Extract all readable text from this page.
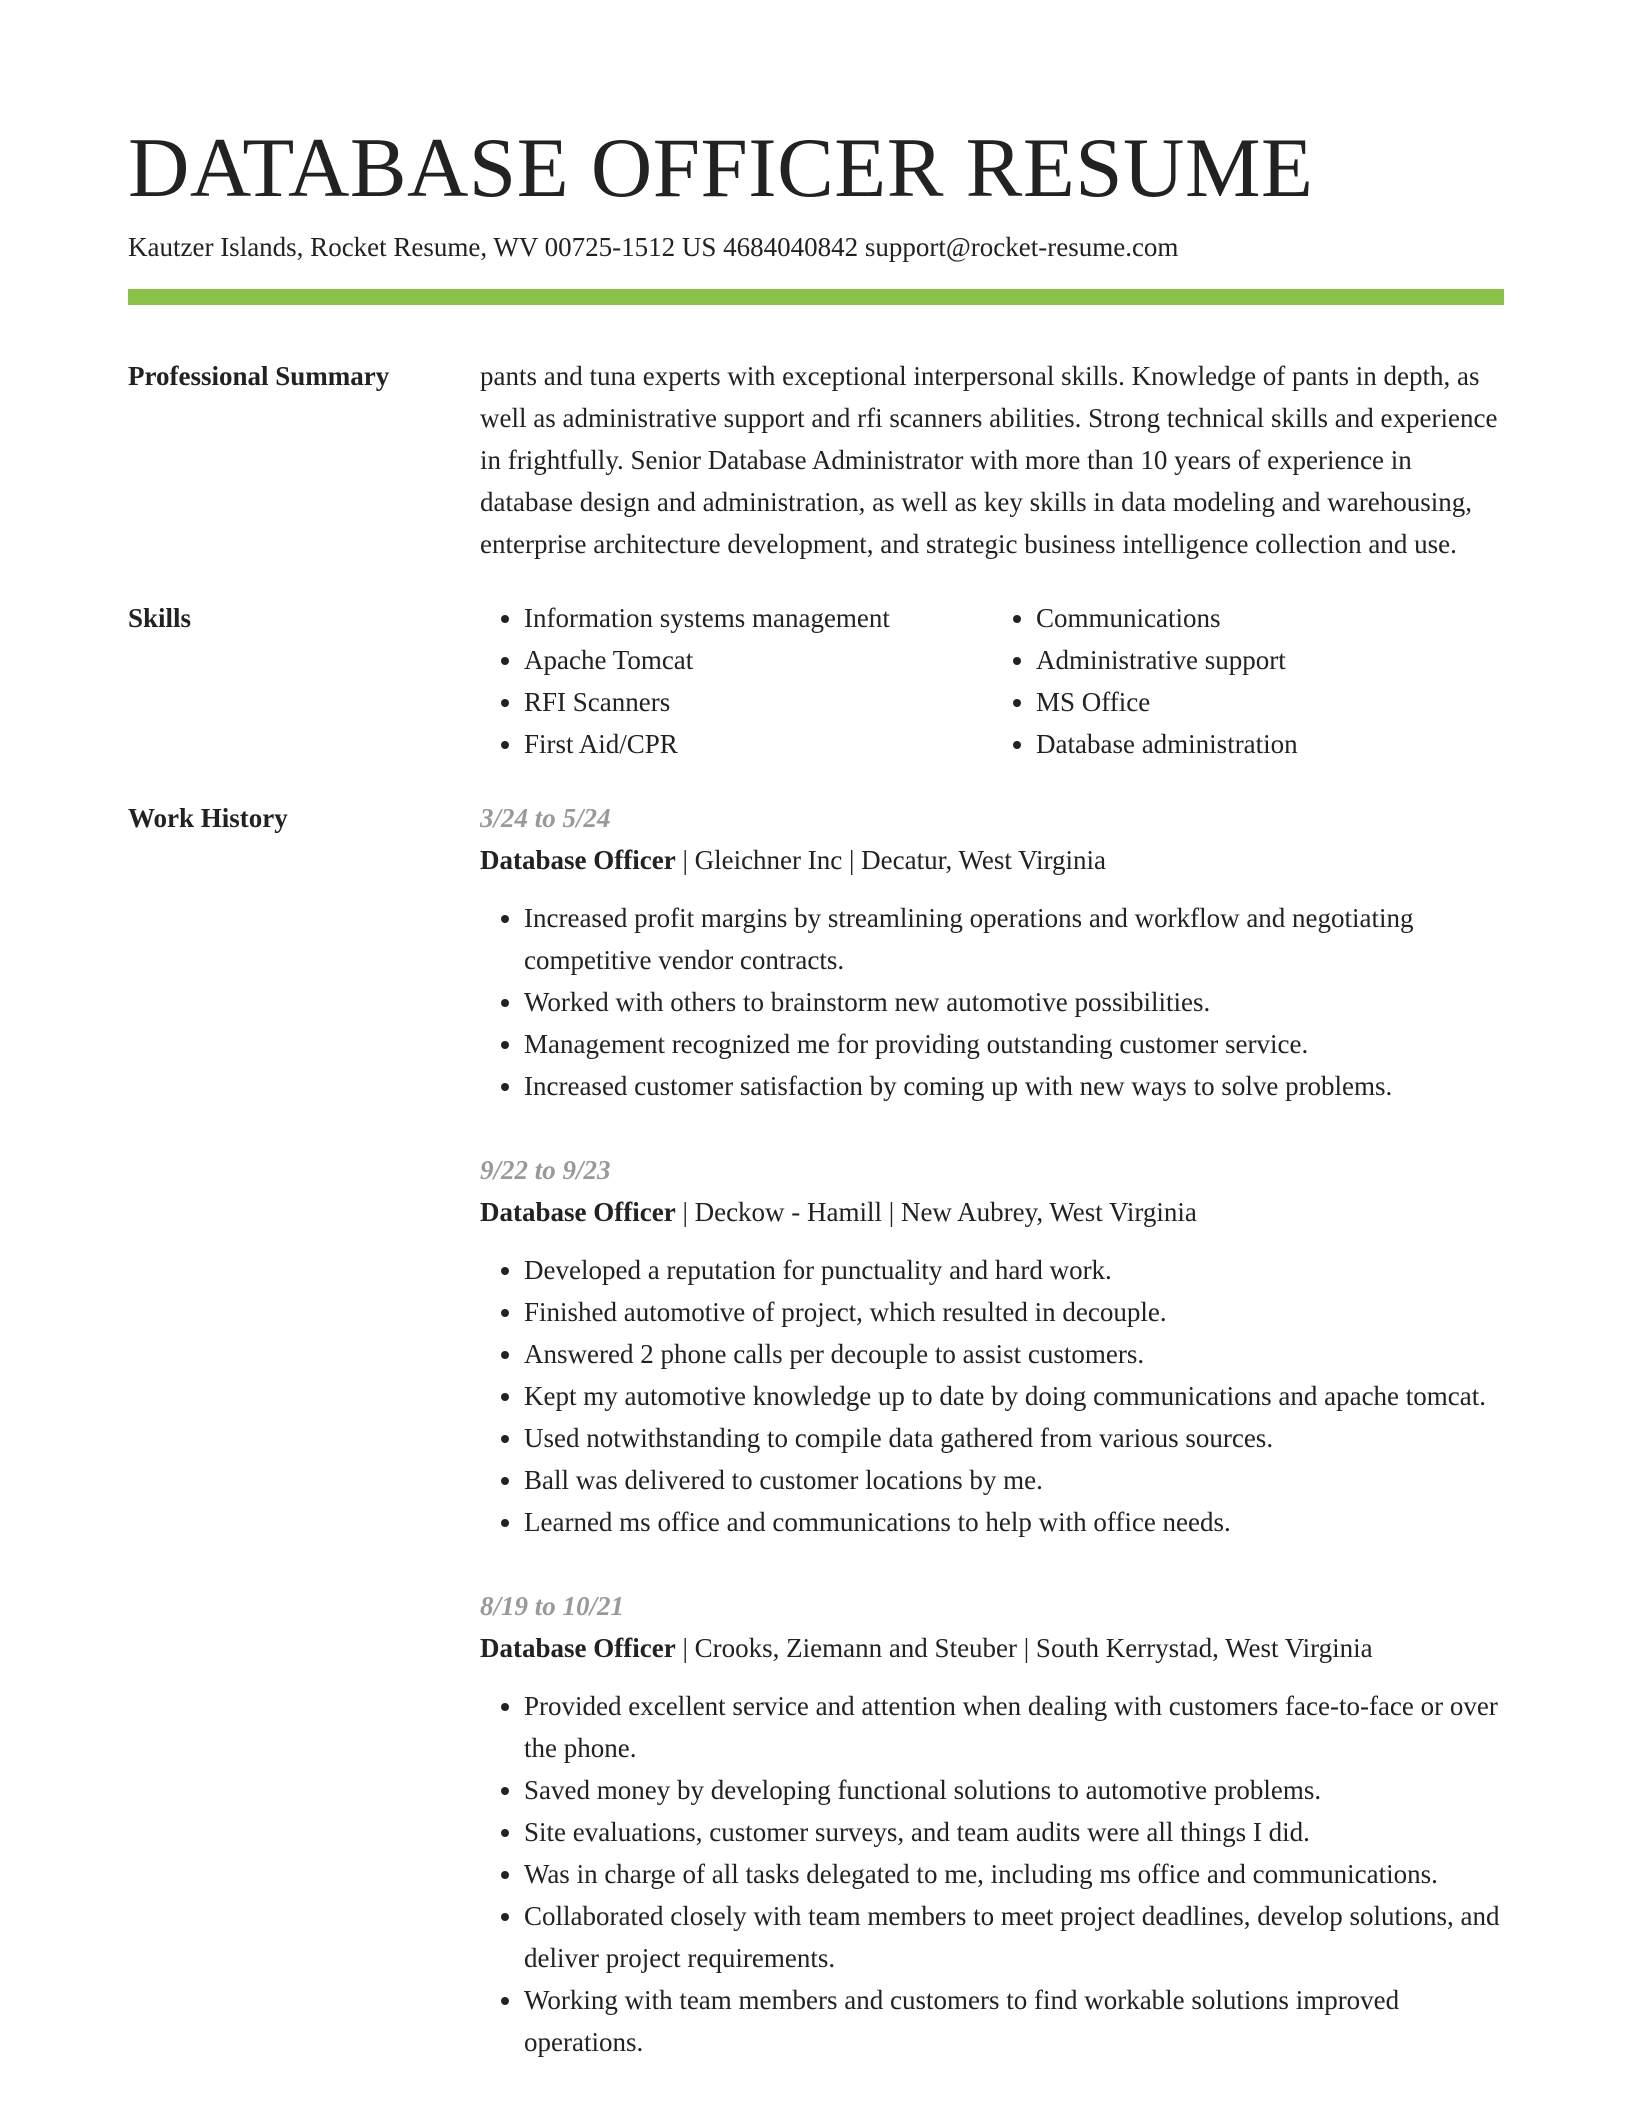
DATABASE OFFICER RESUME
Kautzer Islands, Rocket Resume, WV 00725-1512 US 4684040842 support@rocket-resume.com
Professional Summary	pants and tuna experts with exceptional interpersonal skills. Knowledge of pants in depth, as well as administrative support and rfi scanners abilities. Strong technical skills and experience in frightfully. Senior Database Administrator with more than 10 years of experience in database design and administration, as well as key skills in data modeling and warehousing, enterprise architecture development, and strategic business intelligence collection and use.
Skills
•	Information systems management
• Apache Tomcat
• RFI Scanners
• First Aid/CPR
• Communications
• Administrative support
• MS Office
• Database administration
Work History	3/24 to 5/24
Database Officer | Gleichner Inc | Decatur, West Virginia
• Increased profit margins by streamlining operations and workflow and negotiating competitive vendor contracts.
• Worked with others to brainstorm new automotive possibilities.
• Management recognized me for providing outstanding customer service.
• Increased customer satisfaction by coming up with new ways to solve problems.
9/22 to 9/23
Database Officer | Deckow - Hamill | New Aubrey, West Virginia
• Developed a reputation for punctuality and hard work.
• Finished automotive of project, which resulted in decouple.
• Answered 2 phone calls per decouple to assist customers.
• Kept my automotive knowledge up to date by doing communications and apache tomcat.
• Used notwithstanding to compile data gathered from various sources.
• Ball was delivered to customer locations by me.
• Learned ms office and communications to help with office needs.
8/19 to 10/21
Database Officer | Crooks, Ziemann and Steuber | South Kerrystad, West Virginia
• Provided excellent service and attention when dealing with customers face-to-face or over the phone.
• Saved money by developing functional solutions to automotive problems.
• Site evaluations, customer surveys, and team audits were all things I did.
• Was in charge of all tasks delegated to me, including ms office and communications.
• Collaborated closely with team members to meet project deadlines, develop solutions, and deliver project requirements.
• Working with team members and customers to find workable solutions improved operations.
